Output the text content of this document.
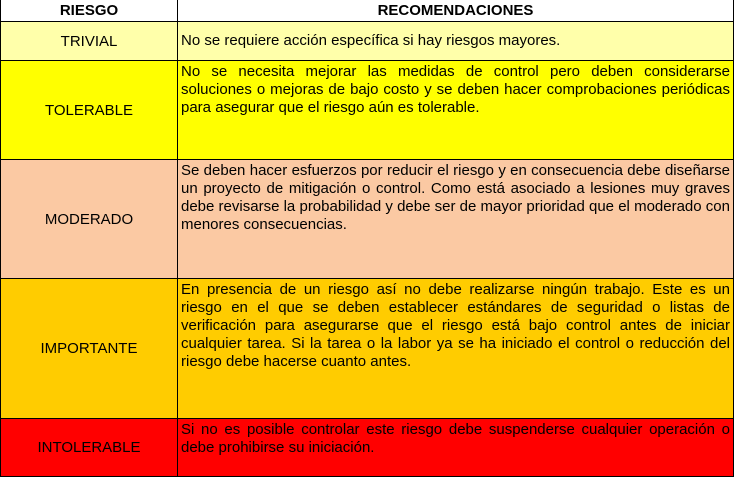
RIESGO	RECOMENDACIONES
TRIVIAL	No se requiere acción específica si hay riesgos mayores.
TOLERABLE	No se necesita mejorar las medidas de control pero deben considerarse soluciones o mejoras de bajo costo y se deben hacer comprobaciones periódicas para asegurar que el riesgo aún es tolerable.
MODERADO	Se deben hacer esfuerzos por reducir el riesgo y en consecuencia debe diseñarse un proyecto de mitigación o control. Como está asociado a lesiones muy graves debe revisarse la probabilidad y debe ser de mayor prioridad que el moderado con menores consecuencias.
IMPORTANTE	En presencia de un riesgo así no debe realizarse ningún trabajo. Este es un riesgo en el que se deben establecer estándares de seguridad o listas de verificación para asegurarse que el riesgo está bajo control antes de iniciar cualquier tarea. Si la tarea o la labor ya se ha iniciado el control o reducción del riesgo debe hacerse cuanto antes.
INTOLERABLE	Si no es posible controlar este riesgo debe suspenderse cualquier operación o debe prohibirse su iniciación.
